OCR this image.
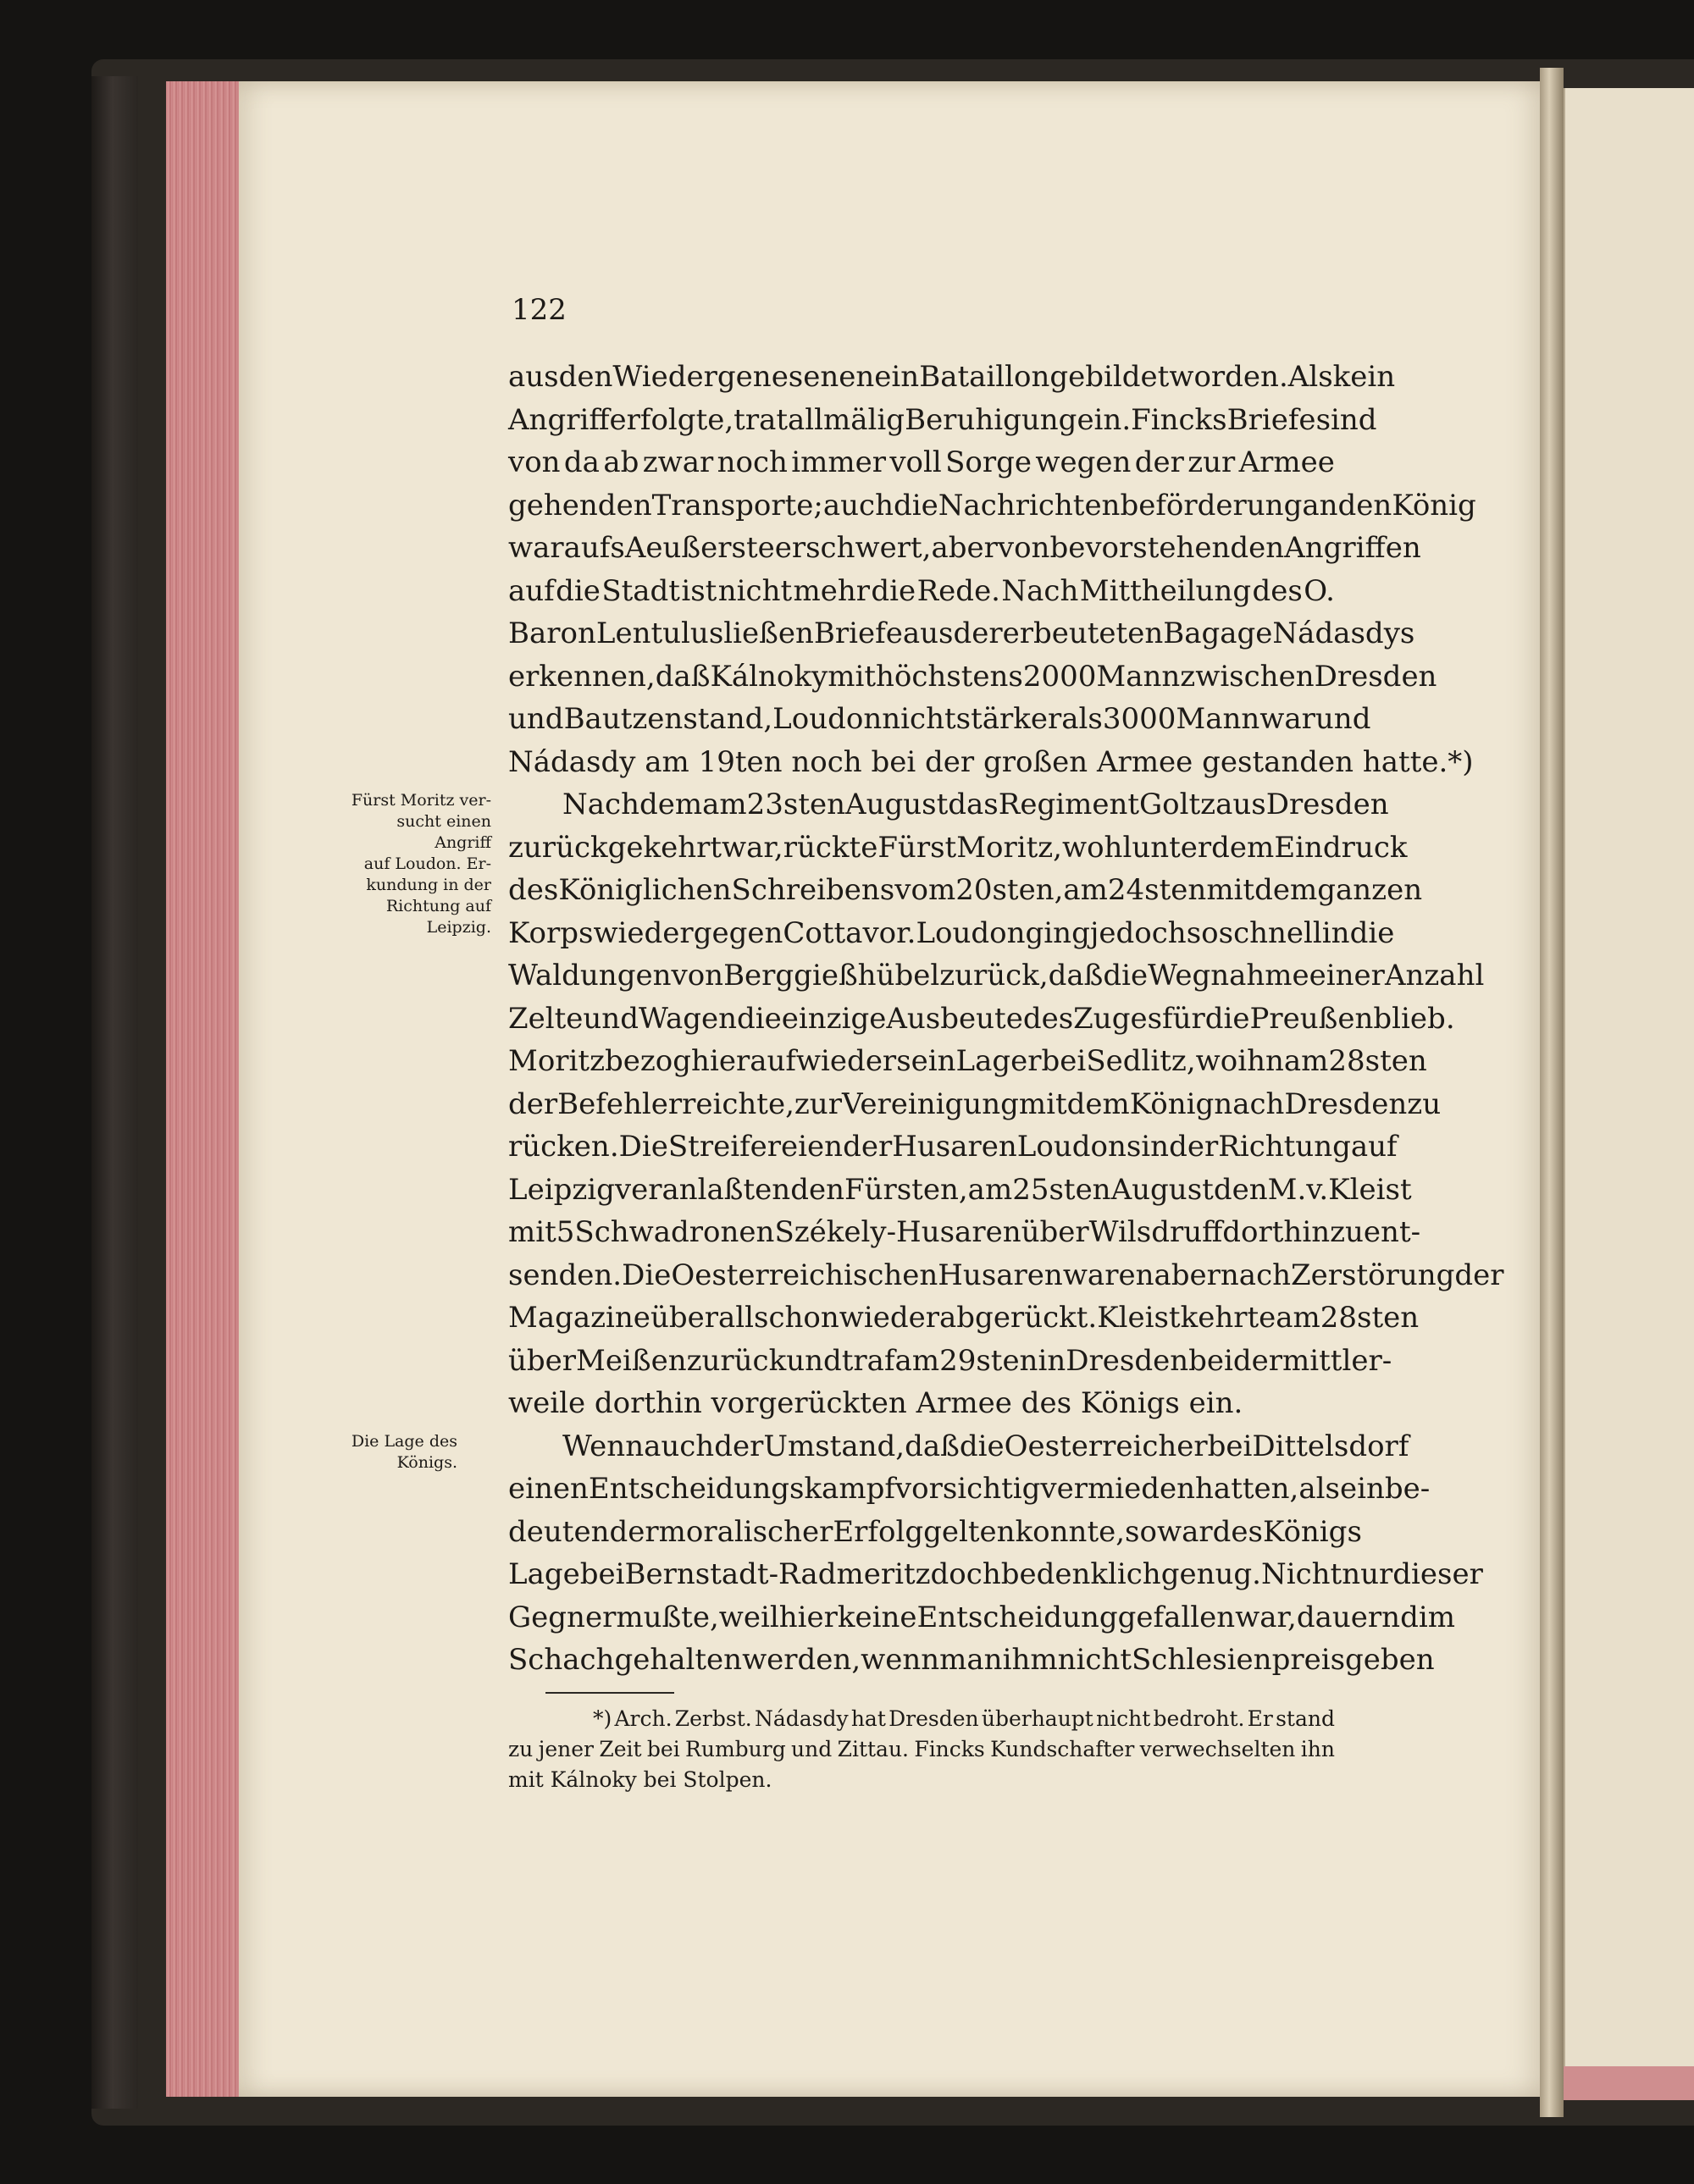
122
Fürst Moritz ver-
sucht einen Angriff
auf Loudon. Er-
kundung in der
Richtung auf
Leipzig.
Die Lage des
Königs.
aus den Wiedergenesenen ein Bataillon gebildet worden. Als kein
Angriff erfolgte, trat allmälig Beruhigung ein. Fincks Briefe sind
von da ab zwar noch immer voll Sorge wegen der zur Armee
gehenden Transporte; auch die Nachrichtenbeförderung an den König
war aufs Aeußerste erschwert, aber von bevorstehenden Angriffen
auf die Stadt ist nicht mehr die Rede. Nach Mittheilung des O.
Baron Lentulus ließen Briefe aus der erbeuteten Bagage Nádasdys
erkennen, daß Kálnoky mit höchstens 2000 Mann zwischen Dresden
und Bautzen stand, Loudon nicht stärker als 3000 Mann war und
Nádasdy am 19ten noch bei der großen Armee gestanden hatte.*)
Nachdem am 23sten August das Regiment Goltz aus Dresden
zurückgekehrt war, rückte Fürst Moritz, wohl unter dem Eindruck
des Königlichen Schreibens vom 20sten, am 24sten mit dem ganzen
Korps wieder gegen Cotta vor. Loudon ging jedoch so schnell in die
Waldungen von Berggießhübel zurück, daß die Wegnahme einer Anzahl
Zelte und Wagen die einzige Ausbeute des Zuges für die Preußen blieb.
Moritz bezog hierauf wieder sein Lager bei Sedlitz, wo ihn am 28sten
der Befehl erreichte, zur Vereinigung mit dem König nach Dresden zu
rücken. Die Streifereien der Husaren Loudons in der Richtung auf
Leipzig veranlaßten den Fürsten, am 25sten August den M. v. Kleist
mit 5 Schwadronen Székely-Husaren über Wilsdruff dorthin zu ent-
senden. Die Oesterreichischen Husaren waren aber nach Zerstörung der
Magazine überall schon wieder abgerückt. Kleist kehrte am 28sten
über Meißen zurück und traf am 29sten in Dresden bei der mittler-
weile dorthin vorgerückten Armee des Königs ein.
Wenn auch der Umstand, daß die Oesterreicher bei Dittelsdorf
einen Entscheidungskampf vorsichtig vermieden hatten, als ein be-
deutender moralischer Erfolg gelten konnte, so war des Königs
Lage bei Bernstadt-Radmeritz doch bedenklich genug. Nicht nur dieser
Gegner mußte, weil hier keine Entscheidung gefallen war, dauernd im
Schach gehalten werden, wenn man ihm nicht Schlesien preisgeben
*) Arch. Zerbst. Nádasdy hat Dresden überhaupt nicht bedroht. Er stand
zu jener Zeit bei Rumburg und Zittau. Fincks Kundschafter verwechselten ihn
mit Kálnoky bei Stolpen.
